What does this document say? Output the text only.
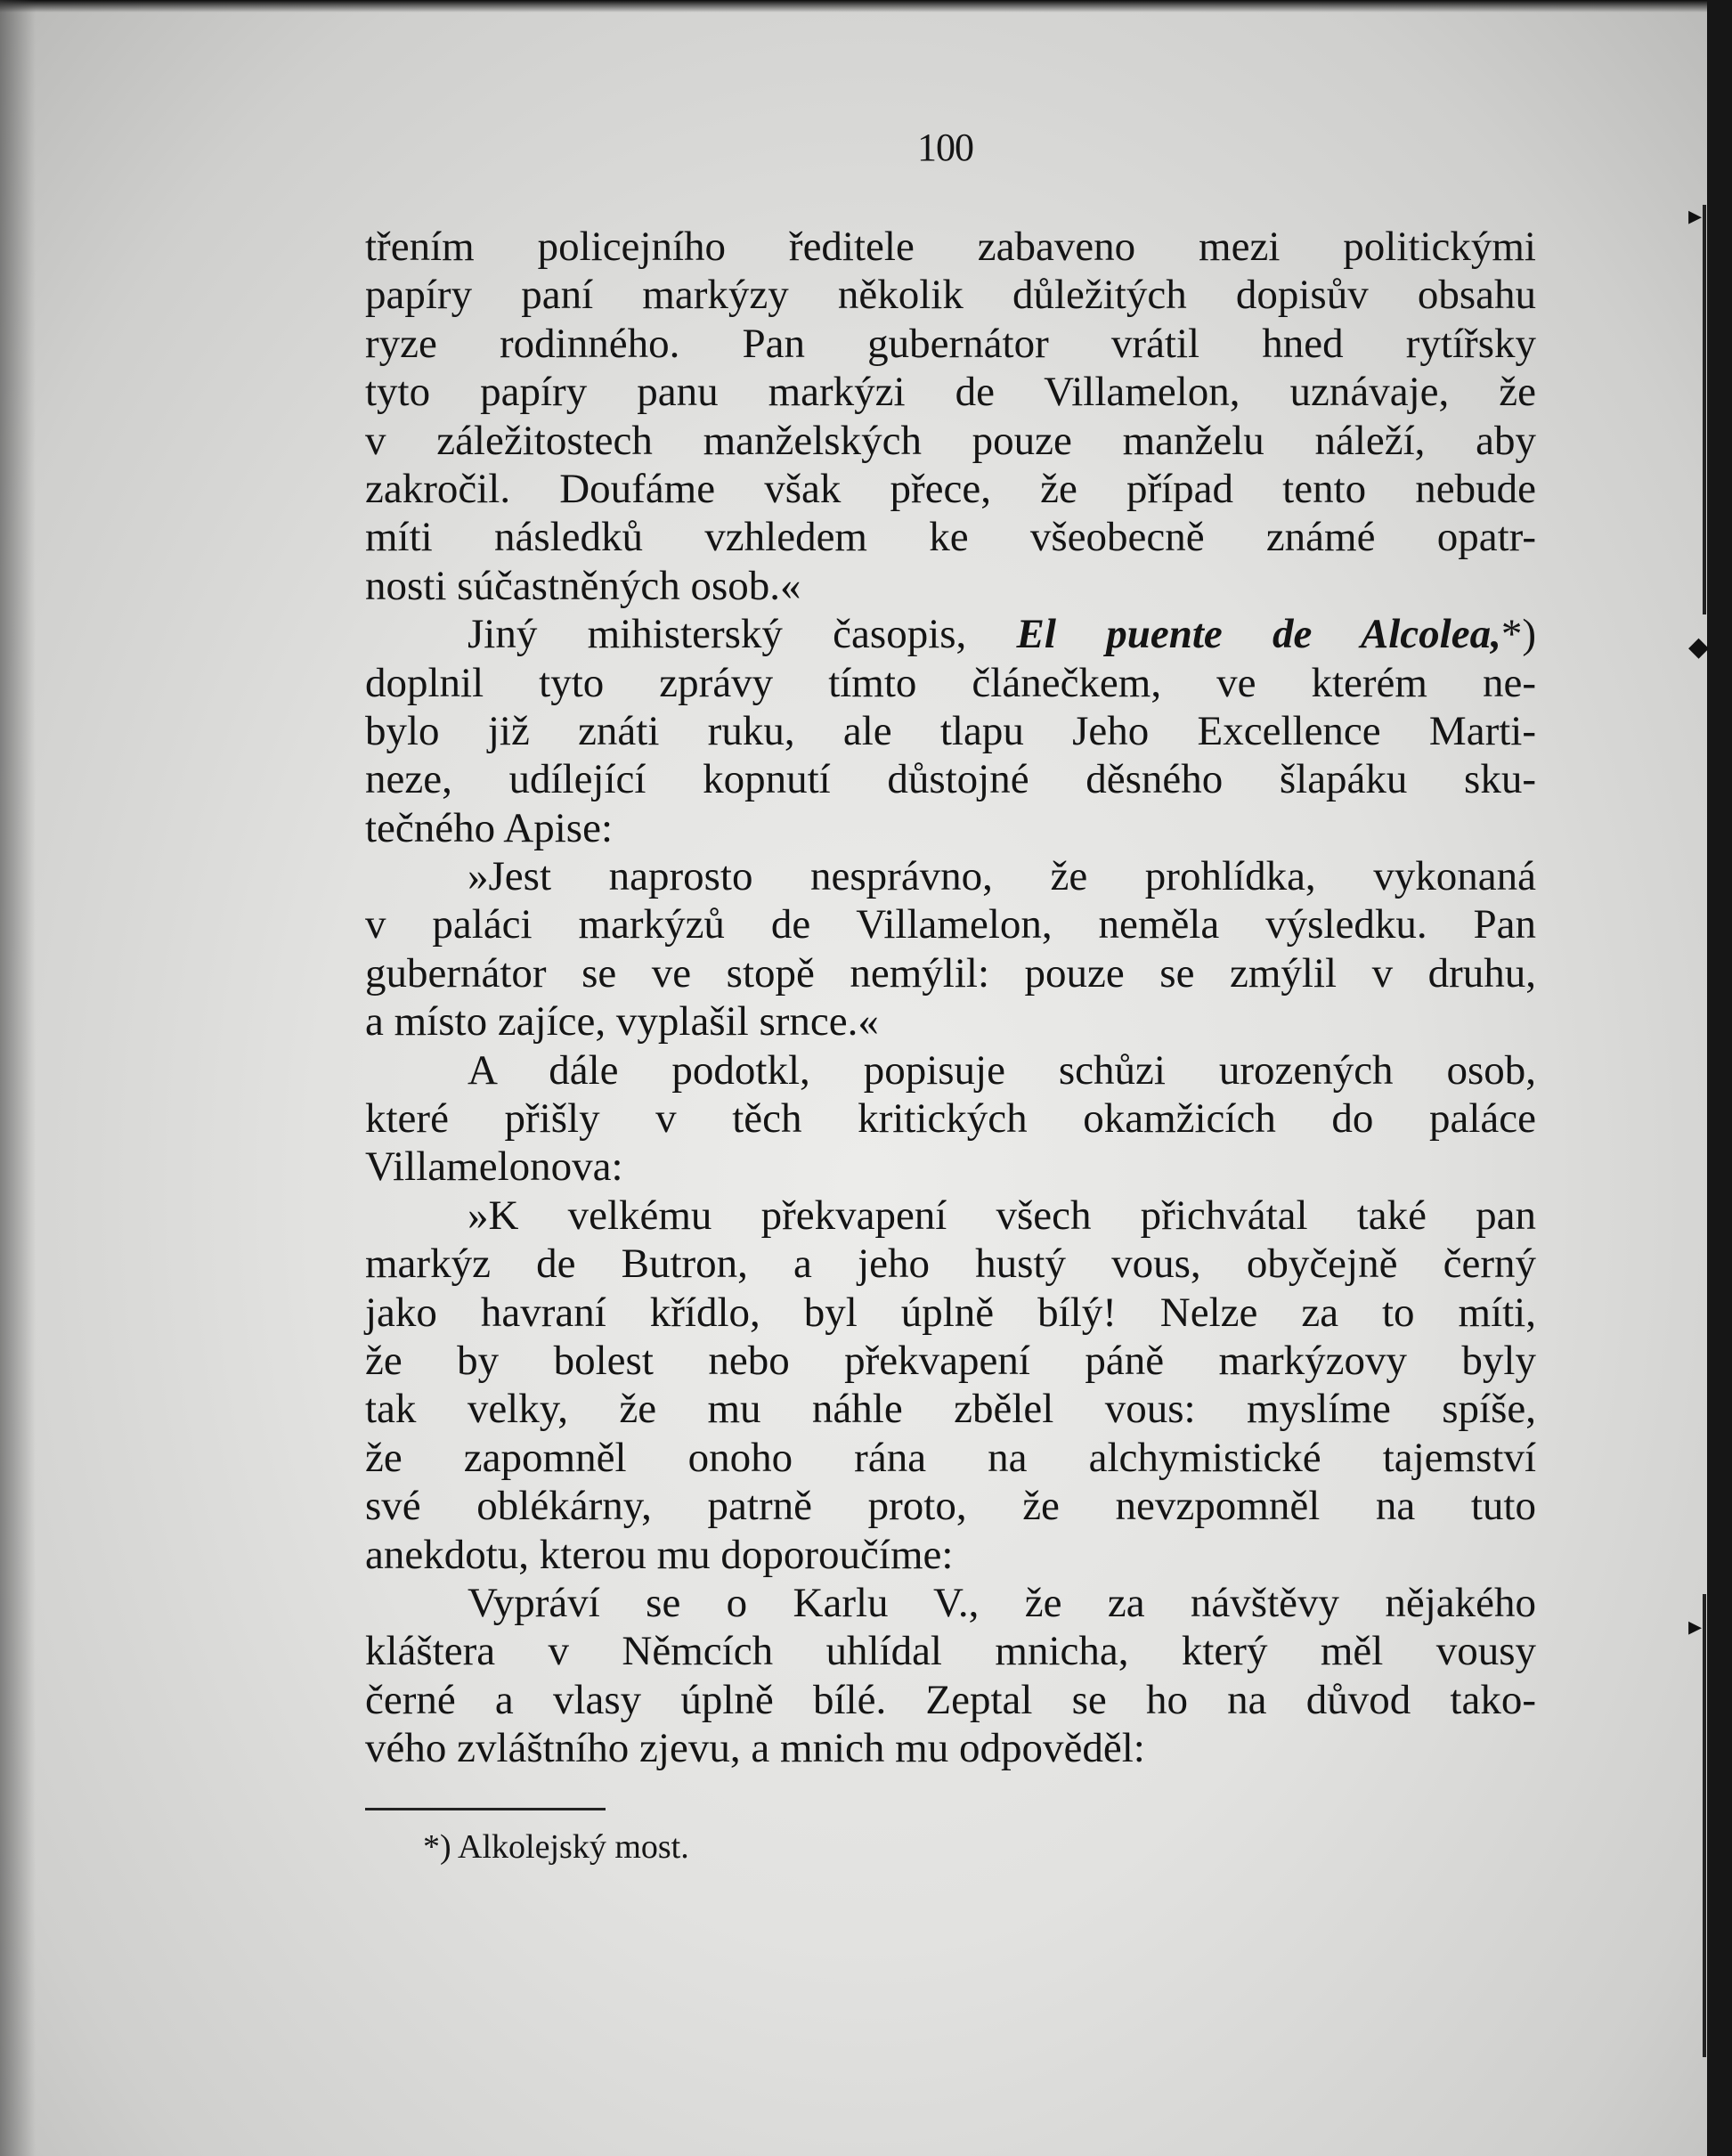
▸
◆
▸
100
třením policejního ředitele zabaveno mezi politickými
papíry paní markýzy několik důležitých dopisův obsahu
ryze rodinného. Pan gubernátor vrátil hned rytířsky
tyto papíry panu markýzi de Villamelon, uznávaje, že
v záležitostech manželských pouze manželu náleží, aby
zakročil. Doufáme však přece, že případ tento nebude
míti následků vzhledem ke všeobecně známé opatr-
nosti súčastněných osob.«
Jiný mihisterský časopis, El puente de Alcolea,*)
doplnil tyto zprávy tímto článečkem, ve kterém ne-
bylo již znáti ruku, ale tlapu Jeho Excellence Marti-
neze, udílející kopnutí důstojné děsného šlapáku sku-
tečného Apise:
»Jest naprosto nesprávno, že prohlídka, vykonaná
v paláci markýzů de Villamelon, neměla výsledku. Pan
gubernátor se ve stopě nemýlil: pouze se zmýlil v druhu,
a místo zajíce, vyplašil srnce.«
A dále podotkl, popisuje schůzi urozených osob,
které přišly v těch kritických okamžicích do paláce
Villamelonova:
»K velkému překvapení všech přichvátal také pan
markýz de Butron, a jeho hustý vous, obyčejně černý
jako havraní křídlo, byl úplně bílý! Nelze za to míti,
že by bolest nebo překvapení páně markýzovy byly
tak velky, že mu náhle zbělel vous: myslíme spíše,
že zapomněl onoho rána na alchymistické tajemství
své oblékárny, patrně proto, že nevzpomněl na tuto
anekdotu, kterou mu doporoučíme:
Vypráví se o Karlu V., že za návštěvy nějakého
kláštera v Němcích uhlídal mnicha, který měl vousy
černé a vlasy úplně bílé. Zeptal se ho na důvod tako-
vého zvláštního zjevu, a mnich mu odpověděl:
*) Alkolejský most.
